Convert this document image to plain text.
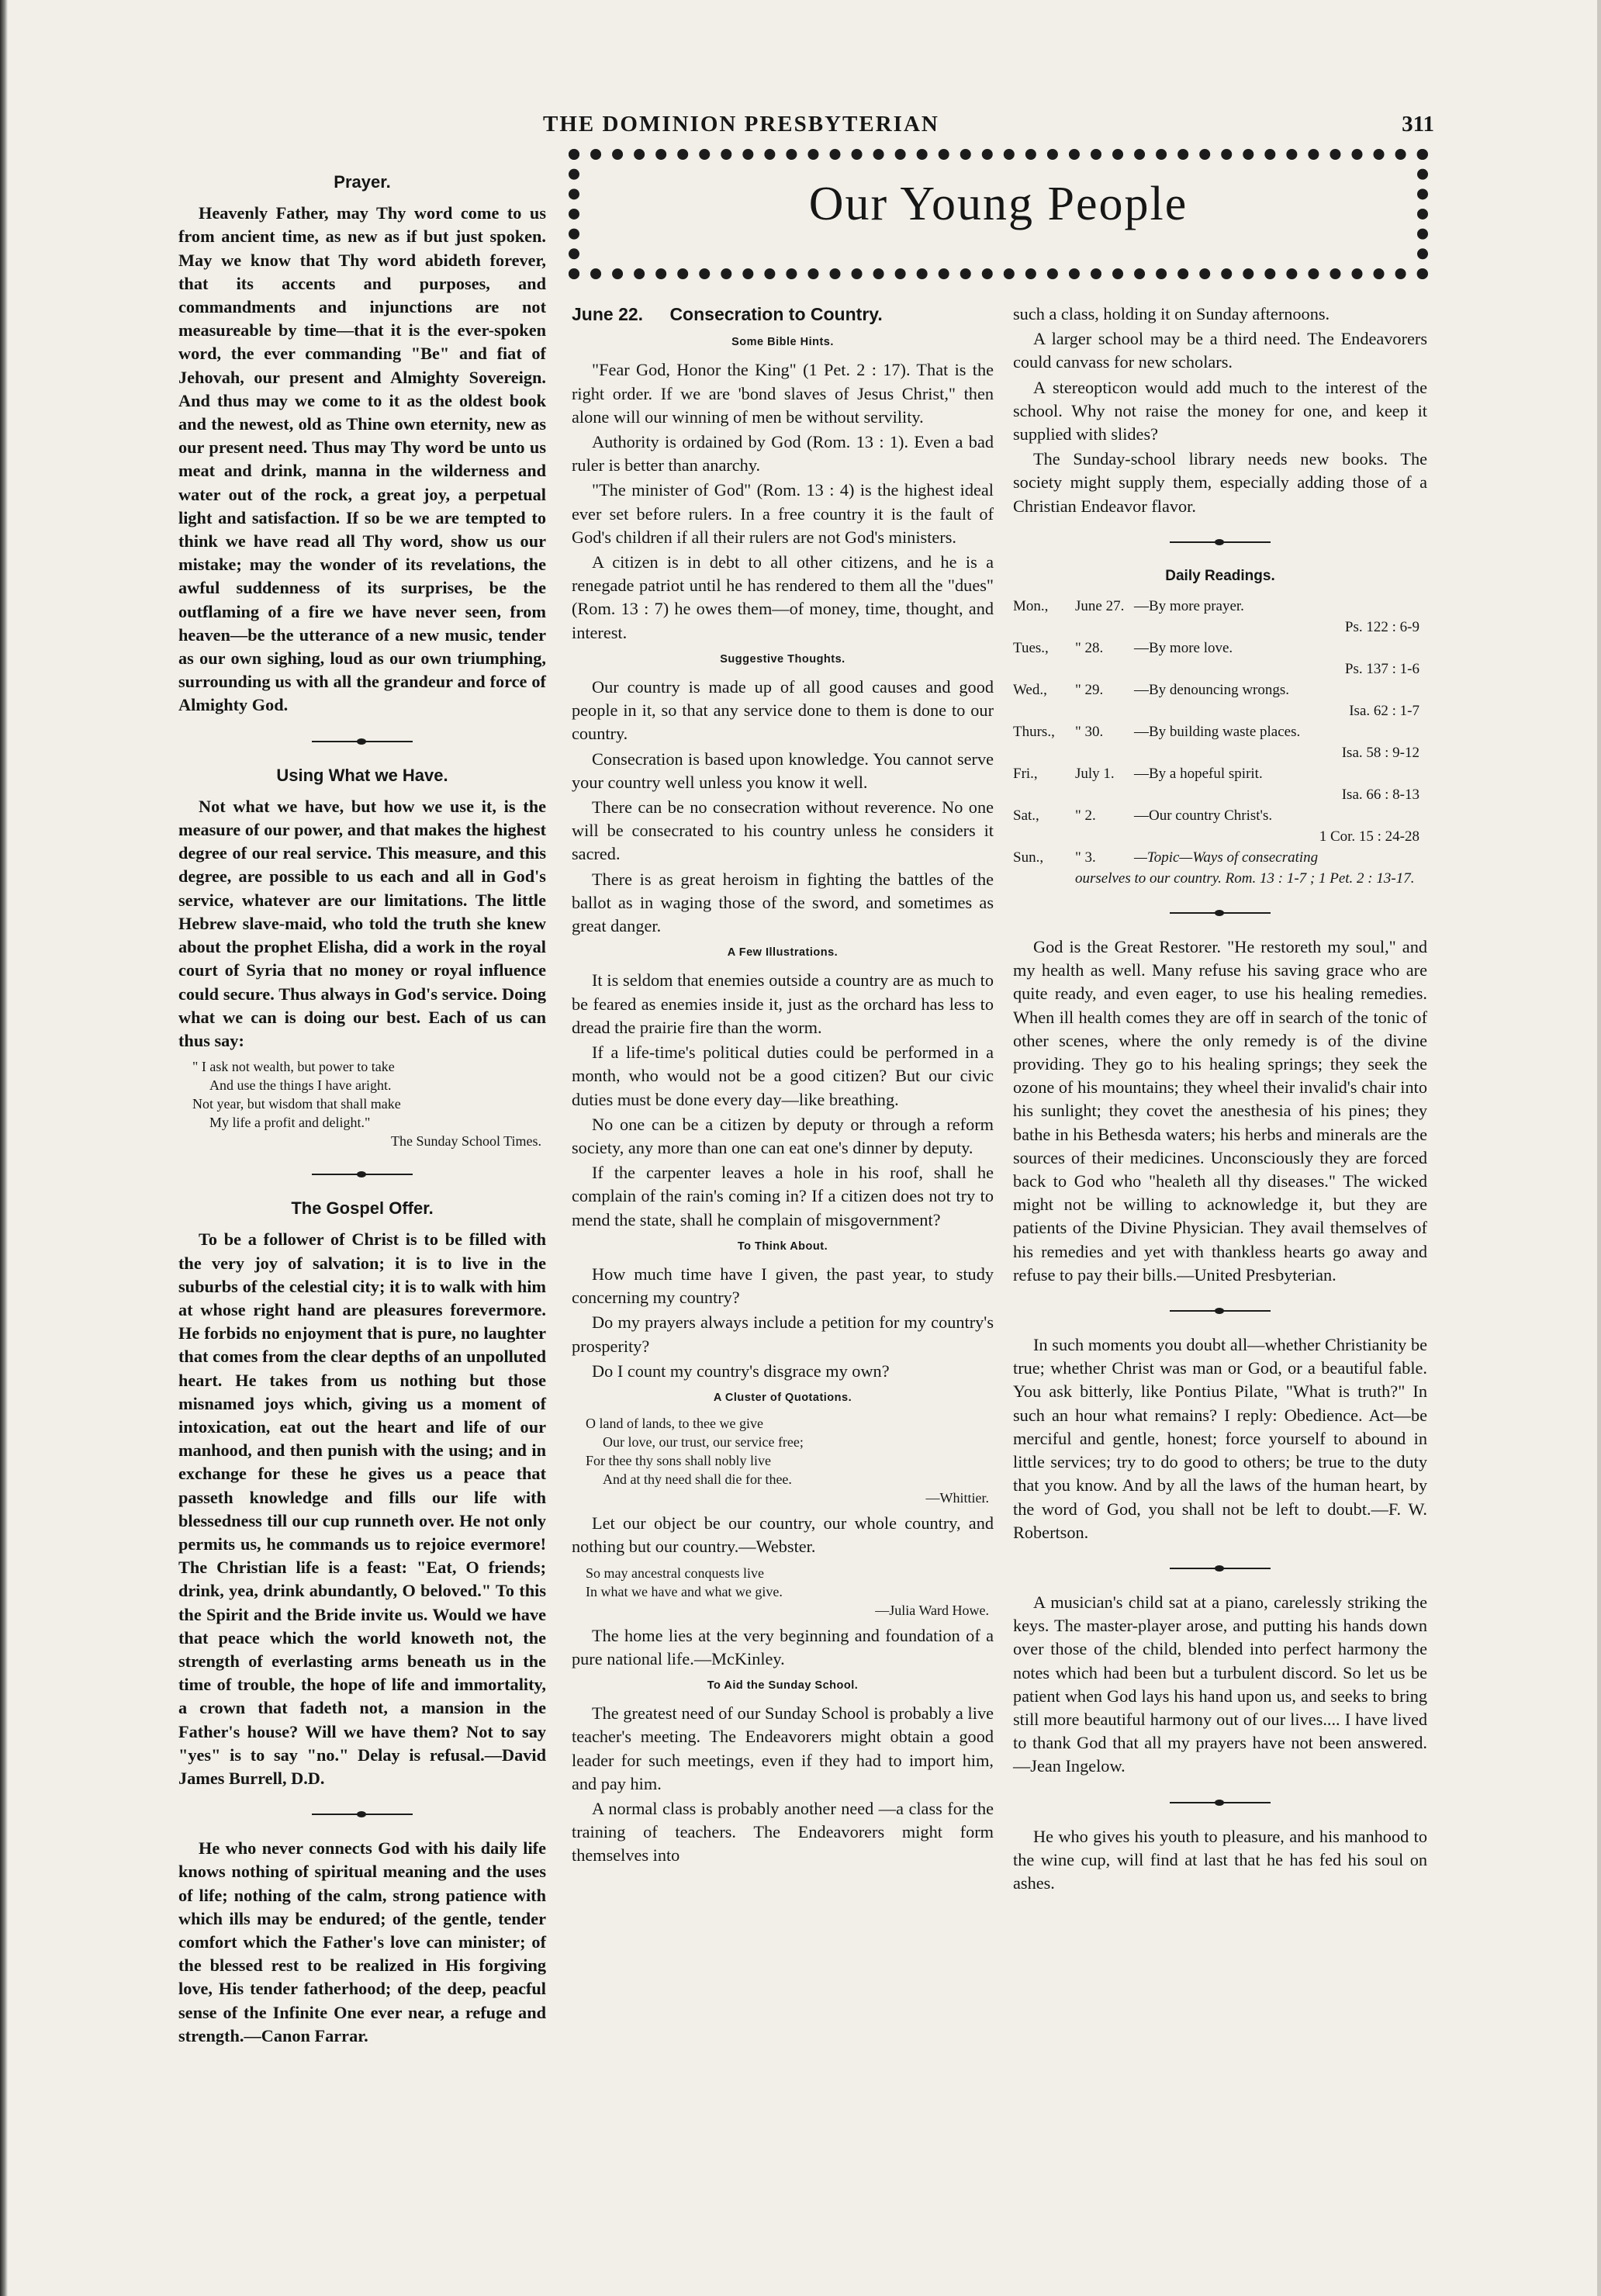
THE DOMINION PRESBYTERIAN	311
Our Young People
Prayer.

Heavenly Father, may Thy word come to us from ancient time, as new as if but just spoken. May we know that Thy word abideth forever, that its accents and purposes, and commandments and injunctions are not measureable by time—that it is the ever-spoken word, the ever commanding "Be" and fiat of Jehovah, our present and Almighty Sovereign. And thus may we come to it as the oldest book and the newest, old as Thine own eternity, new as our present need. Thus may Thy word be unto us meat and drink, manna in the wilderness and water out of the rock, a great joy, a perpetual light and satisfaction. If so be we are tempted to think we have read all Thy word, show us our mistake; may the wonder of its revelations, the awful suddenness of its surprises, be the outflaming of a fire we have never seen, from heaven—be the utterance of a new music, tender as our own sighing, loud as our own triumphing, surrounding us with all the grandeur and force of Almighty God.

Using What we Have.

Not what we have, but how we use it, is the measure of our power, and that makes the highest degree of our real service. This measure, and this degree, are possible to us each and all in God's service, whatever are our limitations. The little Hebrew slave-maid, who told the truth she knew about the prophet Elisha, did a work in the royal court of Syria that no money or royal influence could secure. Thus always in God's service. Doing what we can is doing our best. Each of us can thus say:

" I ask not wealth, but power to take
And use the things I have aright.
Not year, but wisdom that shall make
My life a profit and delight."
The Sunday School Times.
The Gospel Offer.

To be a follower of Christ is to be filled with the very joy of salvation; it is to live in the suburbs of the celestial city; it is to walk with him at whose right hand are pleasures forevermore. He forbids no enjoyment that is pure, no laughter that comes from the clear depths of an unpolluted heart. He takes from us nothing but those misnamed joys which, giving us a moment of intoxication, eat out the heart and life of our manhood, and then punish with the using; and in exchange for these he gives us a peace that passeth knowledge and fills our life with blessedness till our cup runneth over. He not only permits us, he commands us to rejoice evermore! The Christian life is a feast: "Eat, O friends; drink, yea, drink abundantly, O beloved." To this the Spirit and the Bride invite us. Would we have that peace which the world knoweth not, the strength of everlasting arms beneath us in the time of trouble, the hope of life and immortality, a crown that fadeth not, a mansion in the Father's house? Will we have them? Not to say "yes" is to say "no." Delay is refusal.—David James Burrell, D.D.

He who never connects God with his daily life knows nothing of spiritual meaning and the uses of life; nothing of the calm, strong patience with which ills may be endured; of the gentle, tender comfort which the Father's love can minister; of the blessed rest to be realized in His forgiving love, His tender fatherhood; of the deep, peacful sense of the Infinite One ever near, a refuge and strength.—Canon Farrar.

June 22. Consecration to Country.
Some Bible Hints.

"Fear God, Honor the King" (1 Pet. 2 : 17). That is the right order. If we are 'bond slaves of Jesus Christ," then alone will our winning of men be without servility.

Authority is ordained by God (Rom. 13 : 1). Even a bad ruler is better than anarchy.

"The minister of God" (Rom. 13 : 4) is the highest ideal ever set before rulers. In a free country it is the fault of God's children if all their rulers are not God's ministers.

A citizen is in debt to all other citizens, and he is a renegade patriot until he has rendered to them all the "dues" (Rom. 13 : 7) he owes them—of money, time, thought, and interest.

Suggestive Thoughts.

Our country is made up of all good causes and good people in it, so that any service done to them is done to our country.

Consecration is based upon knowledge. You cannot serve your country well unless you know it well.

There can be no consecration without reverence. No one will be consecrated to his country unless he considers it sacred.

There is as great heroism in fighting the battles of the ballot as in waging those of the sword, and sometimes as great danger.

A Few Illustrations.

It is seldom that enemies outside a country are as much to be feared as enemies inside it, just as the orchard has less to dread the prairie fire than the worm.

If a life-time's political duties could be performed in a month, who would not be a good citizen? But our civic duties must be done every day—like breathing.

No one can be a citizen by deputy or through a reform society, any more than one can eat one's dinner by deputy.

If the carpenter leaves a hole in his roof, shall he complain of the rain's coming in? If a citizen does not try to mend the state, shall he complain of misgovernment?

To Think About.

How much time have I given, the past year, to study concerning my country?

Do my prayers always include a petition for my country's prosperity?

Do I count my country's disgrace my own?

A Cluster of Quotations.
O land of lands, to thee we give
Our love, our trust, our service free;
For thee thy sons shall nobly live
And at thy need shall die for thee.
—Whittier.

Let our object be our country, our whole country, and nothing but our country.—Webster.

So may ancestral conquests live
In what we have and what we give.
—Julia Ward Howe.

The home lies at the very beginning and foundation of a pure national life.—McKinley.

To Aid the Sunday School.

The greatest need of our Sunday School is probably a live teacher's meeting. The Endeavorers might obtain a good leader for such meetings, even if they had to import him, and pay him.

A normal class is probably another need —a class for the training of teachers. The Endeavorers might form themselves into

such a class, holding it on Sunday afternoons.

A larger school may be a third need. The Endeavorers could canvass for new scholars.

A stereopticon would add much to the interest of the school. Why not raise the money for one, and keep it supplied with slides?

The Sunday-school library needs new books. The society might supply them, especially adding those of a Christian Endeavor flavor.

Daily Readings.
Mon.,	June 27. —By more prayer.
Ps. 122 : 6-9
Tues.,	" 28.	—By more love.
Ps. 137 : 1-6
Wed.,	" 29.	—By denouncing wrongs.
Isa. 62 : 1-7
Thurs.,	" 30.	—By building waste places.
Isa. 58 : 9-12
Fri.,	July 1.	—By a hopeful spirit.
Isa. 66 : 8-13
Sat.,	" 2.	—Our country Christ's.
1 Cor. 15 : 24-28
Sun.,	" 3.	—Topic—Ways of consecrating
ourselves to our country. Rom. 13 : 1-7 ; 1 Pet. 2 : 13-17.

God is the Great Restorer. "He restoreth my soul," and my health as well. Many refuse his saving grace who are quite ready, and even eager, to use his healing remedies. When ill health comes they are off in search of the tonic of other scenes, where the only remedy is of the divine providing. They go to his healing springs; they seek the ozone of his mountains; they wheel their invalid's chair into his sunlight; they covet the anesthesia of his pines; they bathe in his Bethesda waters; his herbs and minerals are the sources of their medicines. Unconsciously they are forced back to God who "healeth all thy diseases." The wicked might not be willing to acknowledge it, but they are patients of the Divine Physician. They avail themselves of his remedies and yet with thankless hearts go away and refuse to pay their bills.—United Presbyterian.

In such moments you doubt all—whether Christianity be true; whether Christ was man or God, or a beautiful fable. You ask bitterly, like Pontius Pilate, "What is truth?" In such an hour what remains? I reply: Obedience. Act—be merciful and gentle, honest; force yourself to abound in little services; try to do good to others; be true to the duty that you know. And by all the laws of the human heart, by the word of God, you shall not be left to doubt.—F. W. Robertson.

A musician's child sat at a piano, carelessly striking the keys. The master-player arose, and putting his hands down over those of the child, blended into perfect harmony the notes which had been but a turbulent discord. So let us be patient when God lays his hand upon us, and seeks to bring still more beautiful harmony out of our lives.... I have lived to thank God that all my prayers have not been answered.—Jean Ingelow.

He who gives his youth to pleasure, and his manhood to the wine cup, will find at last that he has fed his soul on ashes.
